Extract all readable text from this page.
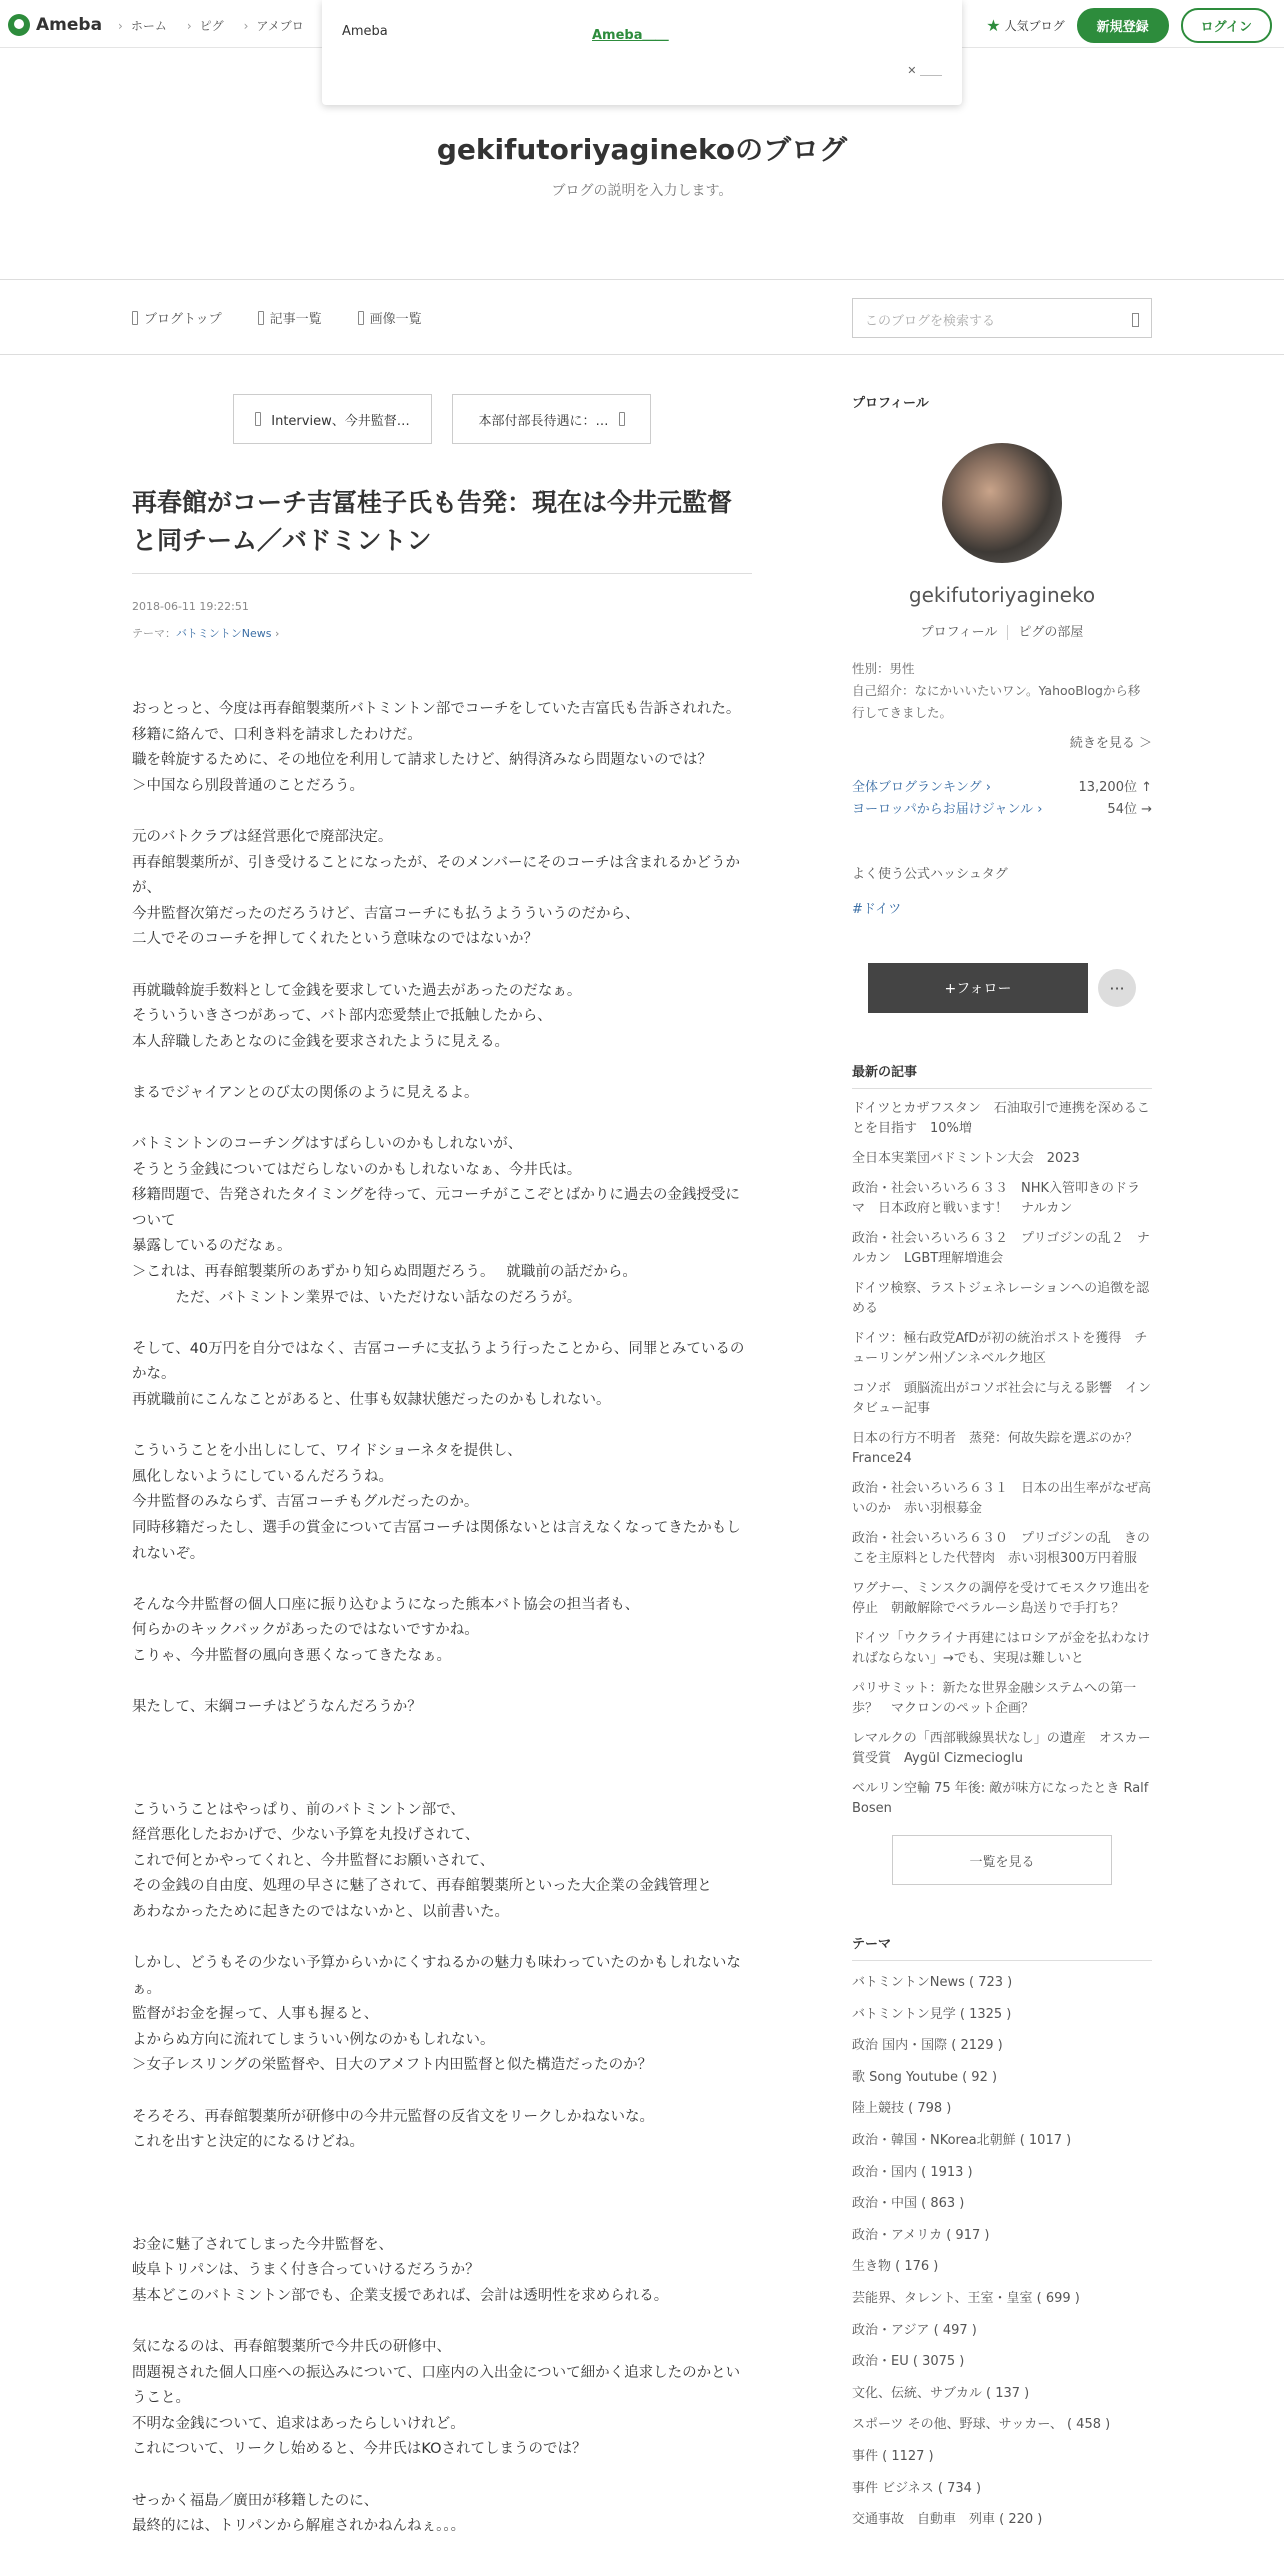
Ameba	› ホーム	› ピグ	› アメブロ	★ 人気ブログ	新規登録	ログイン
Ameba	Ameba＿＿
✕ ＿＿
gekifutoriyaginekoのブログ
ブログの説明を入力します。
ブログトップ	記事一覧	画像一覧	このブログを検索する
Interview、今井監督…	本部付部長待遇に：…
再春館がコーチ吉冨桂子氏も告発：現在は今井元監督と同チーム／バドミントン
2018-06-11 19:22:51
テーマ：バトミントンNews ›

おっとっと、今度は再春館製薬所バトミントン部でコーチをしていた吉富氏も告訴されれた。
移籍に絡んで、口利き料を請求したわけだ。
職を斡旋するために、その地位を利用して請求したけど、納得済みなら問題ないのでは？
＞中国なら別段普通のことだろう。

元のバトクラブは経営悪化で廃部決定。
再春館製薬所が、引き受けることになったが、そのメンバーにそのコーチは含まれるかどうかが、
今井監督次第だったのだろうけど、吉富コーチにも払うようういうのだから、
二人でそのコーチを押してくれたという意味なのではないか？

再就職斡旋手数料として金銭を要求していた過去があったのだなぁ。
そういういきさつがあって、バト部内恋愛禁止で抵触したから、
本人辞職したあとなのに金銭を要求されたように見える。

まるでジャイアンとのび太の関係のように見えるよ。

バトミントンのコーチングはすばらしいのかもしれないが、
そうとう金銭についてはだらしないのかもしれないなぁ、今井氏は。
移籍問題で、告発されたタイミングを待って、元コーチがここぞとばかりに過去の金銭授受について
暴露しているのだなぁ。
＞これは、再春館製薬所のあずかり知らぬ問題だろう。　 就職前の話だから。
　　　ただ、バトミントン業界では、いただけない話なのだろうが。

そして、40万円を自分ではなく、吉冨コーチに支払うよう行ったことから、同罪とみているのかな。
再就職前にこんなことがあると、仕事も奴隷状態だったのかもしれない。

こういうことを小出しにして、ワイドショーネタを提供し、
風化しないようにしているんだろうね。
今井監督のみならず、吉冨コーチもグルだったのか。
同時移籍だったし、選手の賞金について吉冨コーチは関係ないとは言えなくなってきたかもしれないぞ。

そんな今井監督の個人口座に振り込むようになった熊本バト協会の担当者も、
何らかのキックバックがあったのではないですかね。
こりゃ、今井監督の風向き悪くなってきたなぁ。

果たして、末綱コーチはどうなんだろうか？

こういうことはやっぱり、前のバトミントン部で、
経営悪化したおかげで、少ない予算を丸投げされて、
これで何とかやってくれと、今井監督にお願いされて、
その金銭の自由度、処理の早さに魅了されて、再春館製薬所といった大企業の金銭管理と
あわなかったために起きたのではないかと、以前書いた。

しかし、どうもその少ない予算からいかにくすねるかの魅力も味わっていたのかもしれないなぁ。
監督がお金を握って、人事も握ると、
よからぬ方向に流れてしまういい例なのかもしれない。
＞女子レスリングの栄監督や、日大のアメフト内田監督と似た構造だったのか？

そろそろ、再春館製薬所が研修中の今井元監督の反省文をリークしかねないな。
これを出すと決定的になるけどね。

お金に魅了されてしまった今井監督を、
岐阜トリパンは、うまく付き合っていけるだろうか？
基本どこのバトミントン部でも、企業支援であれば、会計は透明性を求められる。

気になるのは、再春館製薬所で今井氏の研修中、
問題視された個人口座への振込みについて、口座内の入出金について細かく追求したのかということ。
不明な金銭について、追求はあったらしいけれど。
これについて、リークし始めると、今井氏はKOされてしまうのでは？

せっかく福島／廣田が移籍したのに、
最終的には、トリパンから解雇されかねんねぇ。。。

プロフィール
gekifutoriyagineko
プロフィール ピグの部屋
性別：男性
自己紹介：なにかいいたいワン。YahooBlogから移行してきました。
続きを見る ＞
全体ブログランキング ›	13,200位 ↑
ヨーロッパからお届けジャンル ›	54位 →
よく使う公式ハッシュタグ
#ドイツ
+フォロー	···
最新の記事
ドイツとカザフスタン　石油取引で連携を深めることを目指す　10%増
全日本実業団バドミントン大会　2023
政治・社会いろいろ６３３　NHK入管叩きのドラマ　日本政府と戦います！　ナルカン
政治・社会いろいろ６３２　プリゴジンの乱２　ナルカン　LGBT理解増進会
ドイツ検察、ラストジェネレーションへの追徴を認める
ドイツ：極右政党AfDが初の統治ポストを獲得　チューリンゲン州ゾンネベルク地区
コソボ　頭脳流出がコソボ社会に与える影響　インタビュー記事
日本の行方不明者　蒸発：何故失踪を選ぶのか？　France24
政治・社会いろいろ６３１　日本の出生率がなぜ高いのか　赤い羽根募金
政治・社会いろいろ６３０　プリゴジンの乱　きのこを主原料とした代替肉　赤い羽根300万円着服
ワグナー、ミンスクの調停を受けてモスクワ進出を停止　朝敵解除でベラルーシ島送りで手打ち？
ドイツ「ウクライナ再建にはロシアが金を払わなければならない」→でも、実現は難しいと
パリサミット：新たな世界金融システムへの第一歩？　マクロンのペット企画？
レマルクの「西部戦線異状なし」の遺産　オスカー賞受賞　Aygül Cizmecioglu
ベルリン空輸 75 年後: 敵が味方になったとき Ralf Bosen
一覧を見る
テーマ
バトミントンNews ( 723 )
バトミントン見学 ( 1325 )
政治 国内・国際 ( 2129 )
歌 Song Youtube ( 92 )
陸上競技 ( 798 )
政治・韓国・NKorea北朝鮮 ( 1017 )
政治・国内 ( 1913 )
政治・中国 ( 863 )
政治・アメリカ ( 917 )
生き物 ( 176 )
芸能界、タレント、王室・皇室 ( 699 )
政治・アジア ( 497 )
政治・EU ( 3075 )
文化、伝統、サブカル ( 137 )
スポーツ その他、野球、サッカー、 ( 458 )
事件 ( 1127 )
事件 ビジネス ( 734 )
交通事故　自動車　列車 ( 220 )
